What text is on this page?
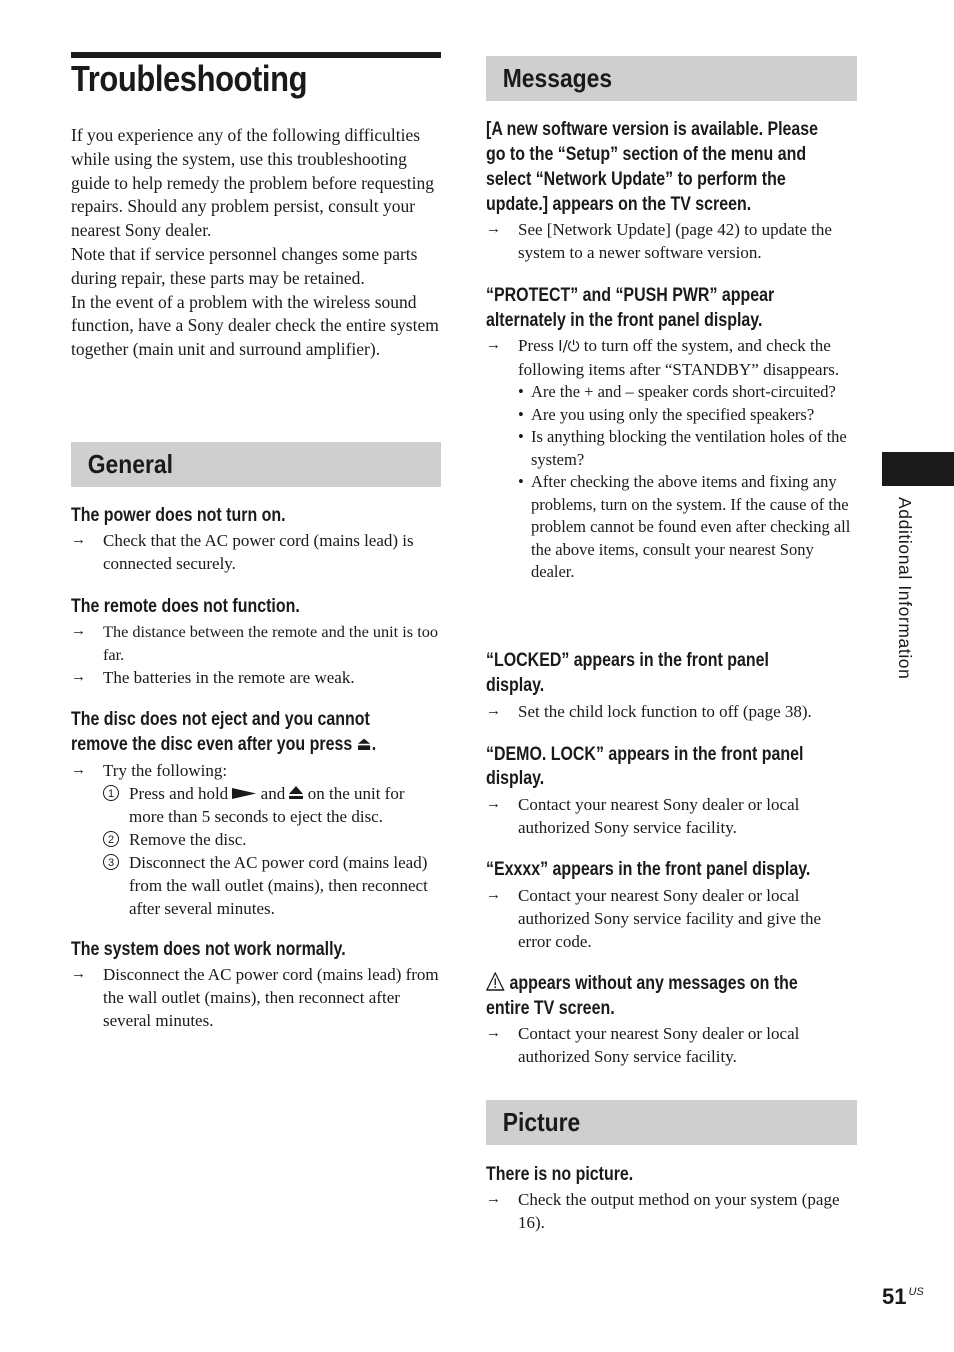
Troubleshooting

If you experience any of the following difficulties while using the system, use this troubleshooting guide to help remedy the problem before requesting repairs. Should any problem persist, consult your nearest Sony dealer.

Note that if service personnel changes some parts during repair, these parts may be retained.

In the event of a problem with the wireless sound function, have a Sony dealer check the entire system together (main unit and surround amplifier).

General
The power does not turn on.
→ Check that the AC power cord (mains lead) is connected securely.
The remote does not function.
→ The distance between the remote and the unit is too far.
→ The batteries in the remote are weak.
The disc does not eject and you cannot
remove the disc even after you press ⏏.
→ Try the following:
1 Press and hold and on the unit for more than 5 seconds to eject the disc.
2 Remove the disc.
3 Disconnect the AC power cord (mains lead) from the wall outlet (mains), then reconnect after several minutes.
The system does not work normally.
→ Disconnect the AC power cord (mains lead) from the wall outlet (mains), then reconnect after several minutes.
Messages
[A new software version is available. Please
go to the “Setup” section of the menu and
select “Network Update” to perform the
update.] appears on the TV screen.
→ See [Network Update] (page 42) to update the system to a newer software version.
“PROTECT” and “PUSH PWR” appear
alternately in the front panel display.
→ Press I/⏻ to turn off the system, and check the following items after “STANDBY” disappears.
• Are the + and – speaker cords short-circuited?
• Are you using only the specified speakers?
• Is anything blocking the ventilation holes of the system?
• After checking the above items and fixing any problems, turn on the system. If the cause of the problem cannot be found even after checking all the above items, consult your nearest Sony dealer.
“LOCKED” appears in the front panel
display.
→ Set the child lock function to off (page 38).
“DEMO. LOCK” appears in the front panel
display.
→ Contact your nearest Sony dealer or local authorized Sony service facility.
“Exxxx” appears in the front panel display.
→ Contact your nearest Sony dealer or local authorized Sony service facility and give the error code.
appears without any messages on the
entire TV screen.
→ Contact your nearest Sony dealer or local authorized Sony service facility.
Picture
There is no picture.
→ Check the output method on your system (page 16).
Additional Information
51 $^{US}$
